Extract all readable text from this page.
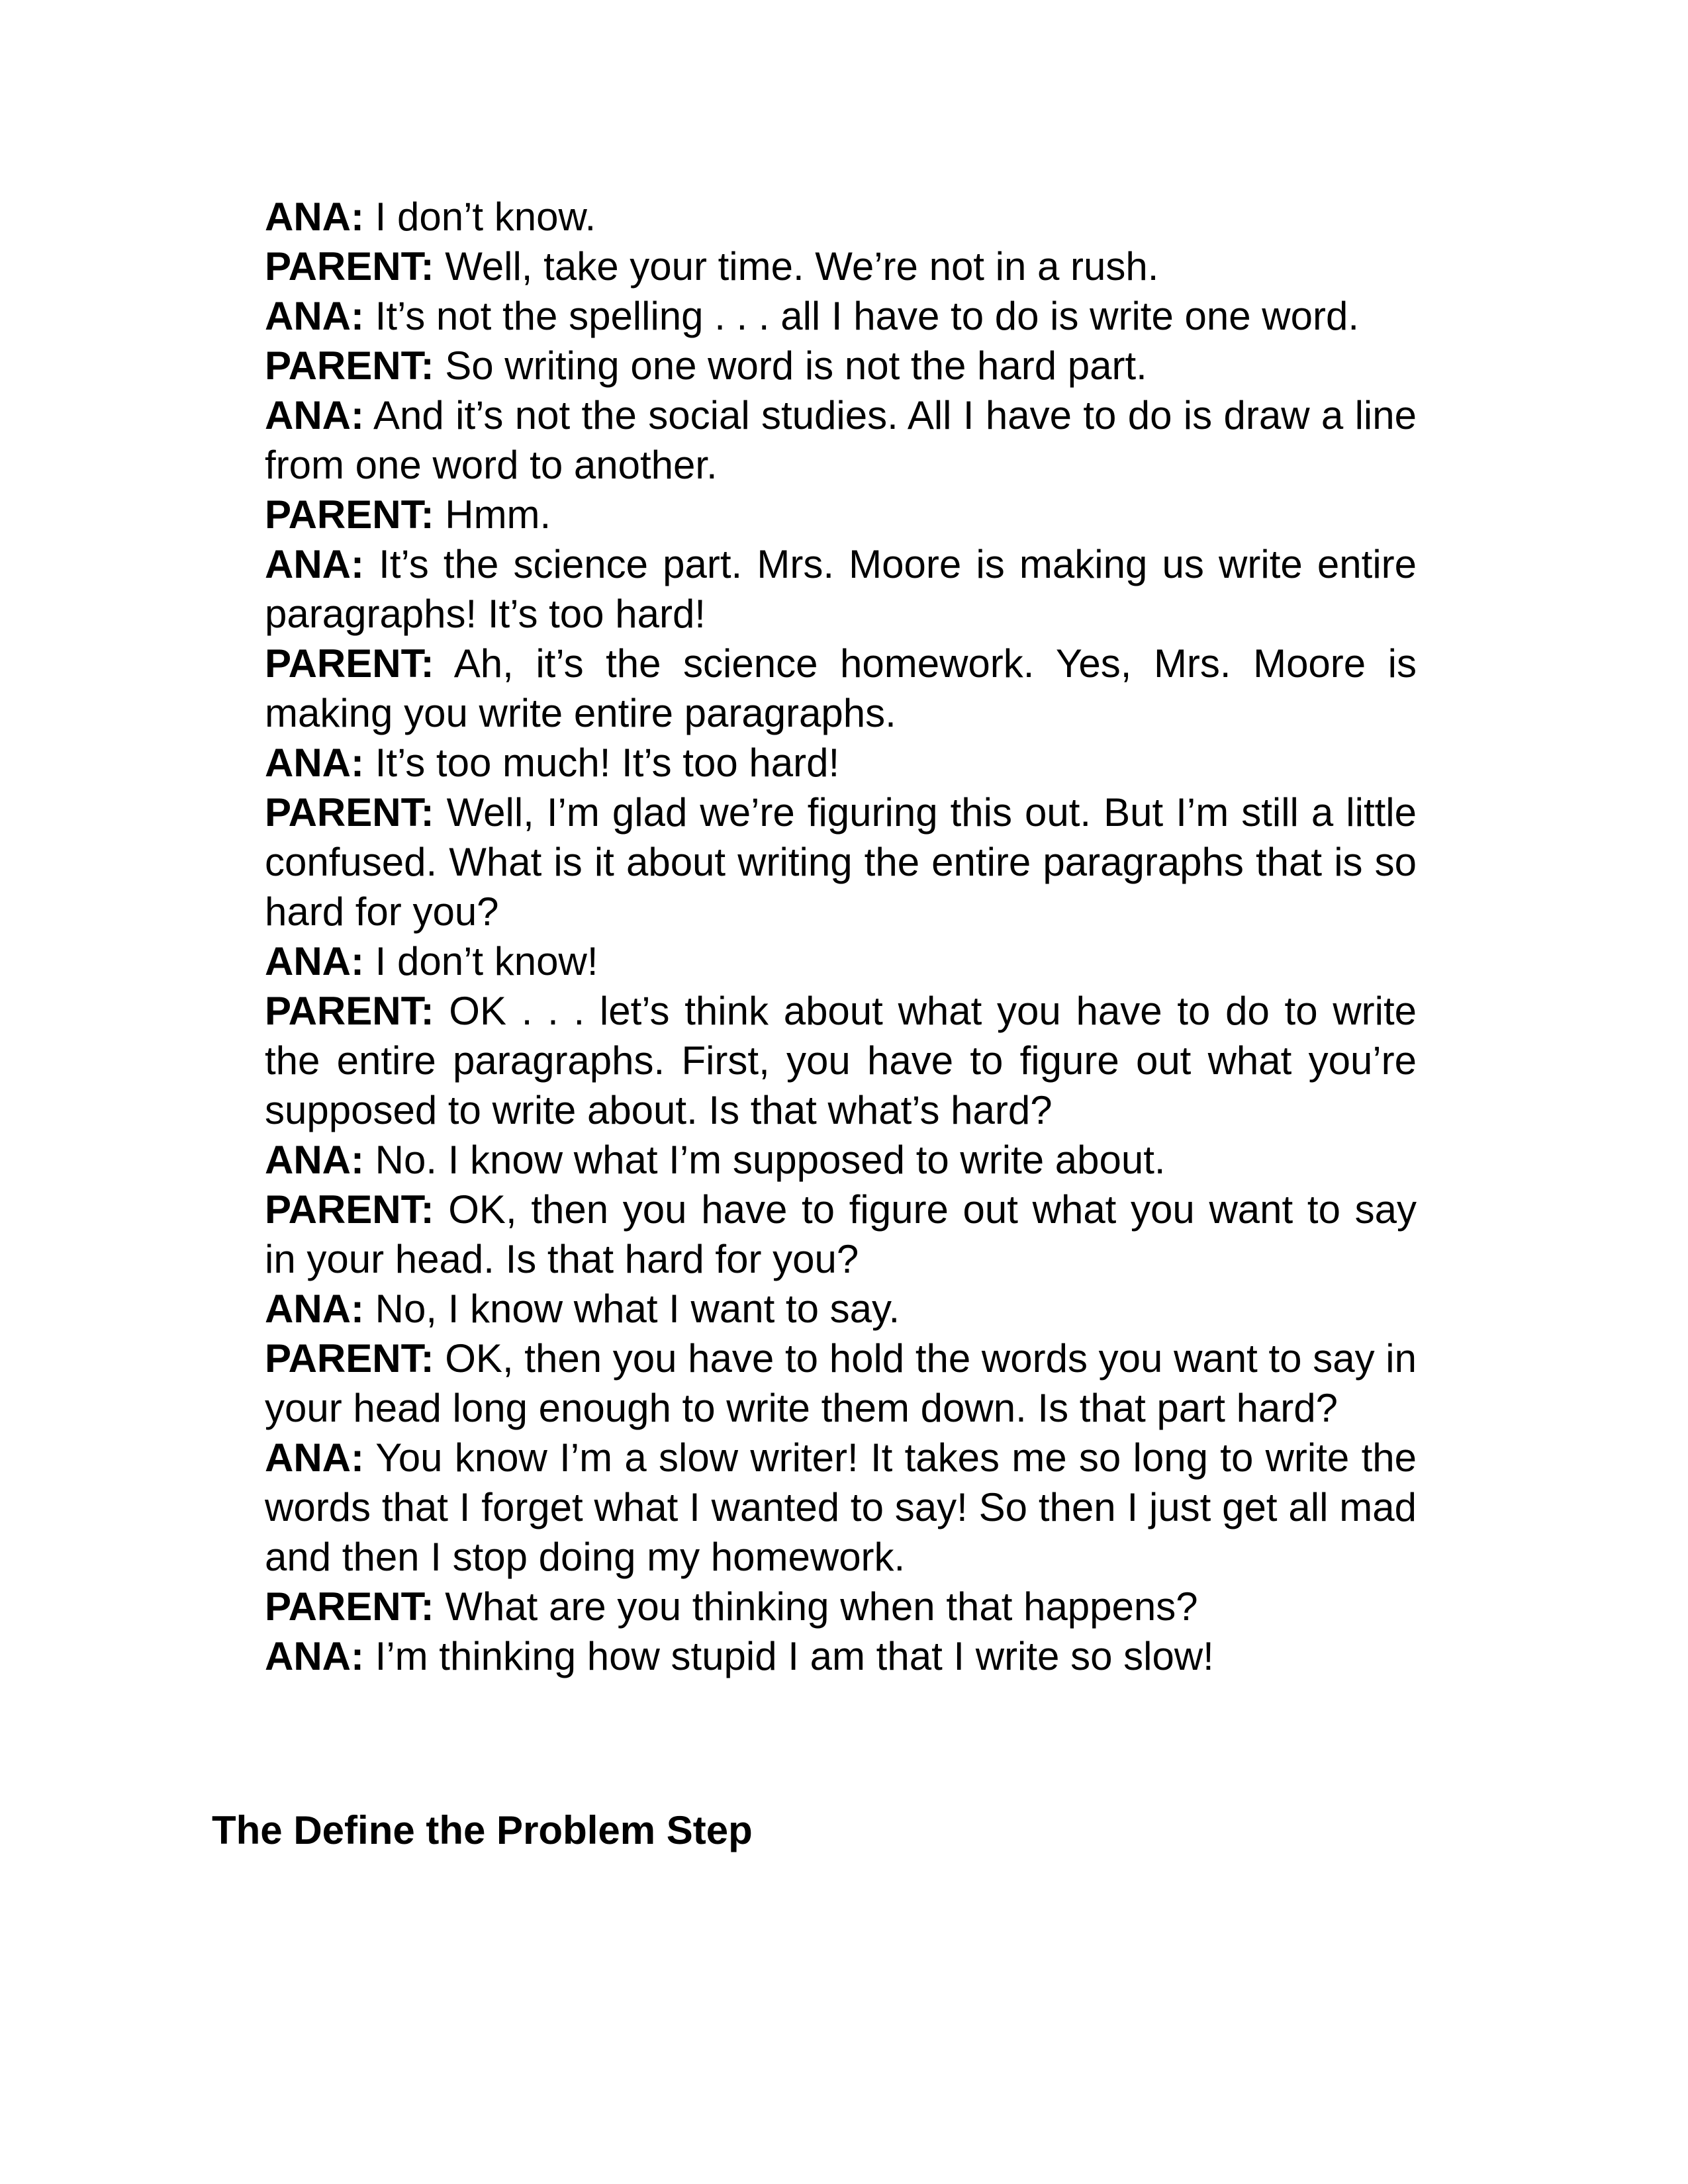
ANA: I don’t know.
PARENT: Well, take your time. We’re not in a rush.
ANA: It’s not the spelling . . . all I have to do is write one word.
PARENT: So writing one word is not the hard part.
ANA: And it’s not the social studies. All I have to do is draw a line from one word to another.
PARENT: Hmm.
ANA: It’s the science part. Mrs. Moore is making us write entire paragraphs! It’s too hard!
PARENT: Ah, it’s the science homework. Yes, Mrs. Moore is making you write entire paragraphs.
ANA: It’s too much! It’s too hard!
PARENT: Well, I’m glad we’re figuring this out. But I’m still a little confused. What is it about writing the entire paragraphs that is so hard for you?
ANA: I don’t know!
PARENT: OK . . . let’s think about what you have to do to write the entire paragraphs. First, you have to figure out what you’re supposed to write about. Is that what’s hard?
ANA: No. I know what I’m supposed to write about.
PARENT: OK, then you have to figure out what you want to say in your head. Is that hard for you?
ANA: No, I know what I want to say.
PARENT: OK, then you have to hold the words you want to say in your head long enough to write them down. Is that part hard?
ANA: You know I’m a slow writer! It takes me so long to write the words that I forget what I wanted to say! So then I just get all mad and then I stop doing my homework.
PARENT: What are you thinking when that happens?
ANA: I’m thinking how stupid I am that I write so slow!
The Define the Problem Step
